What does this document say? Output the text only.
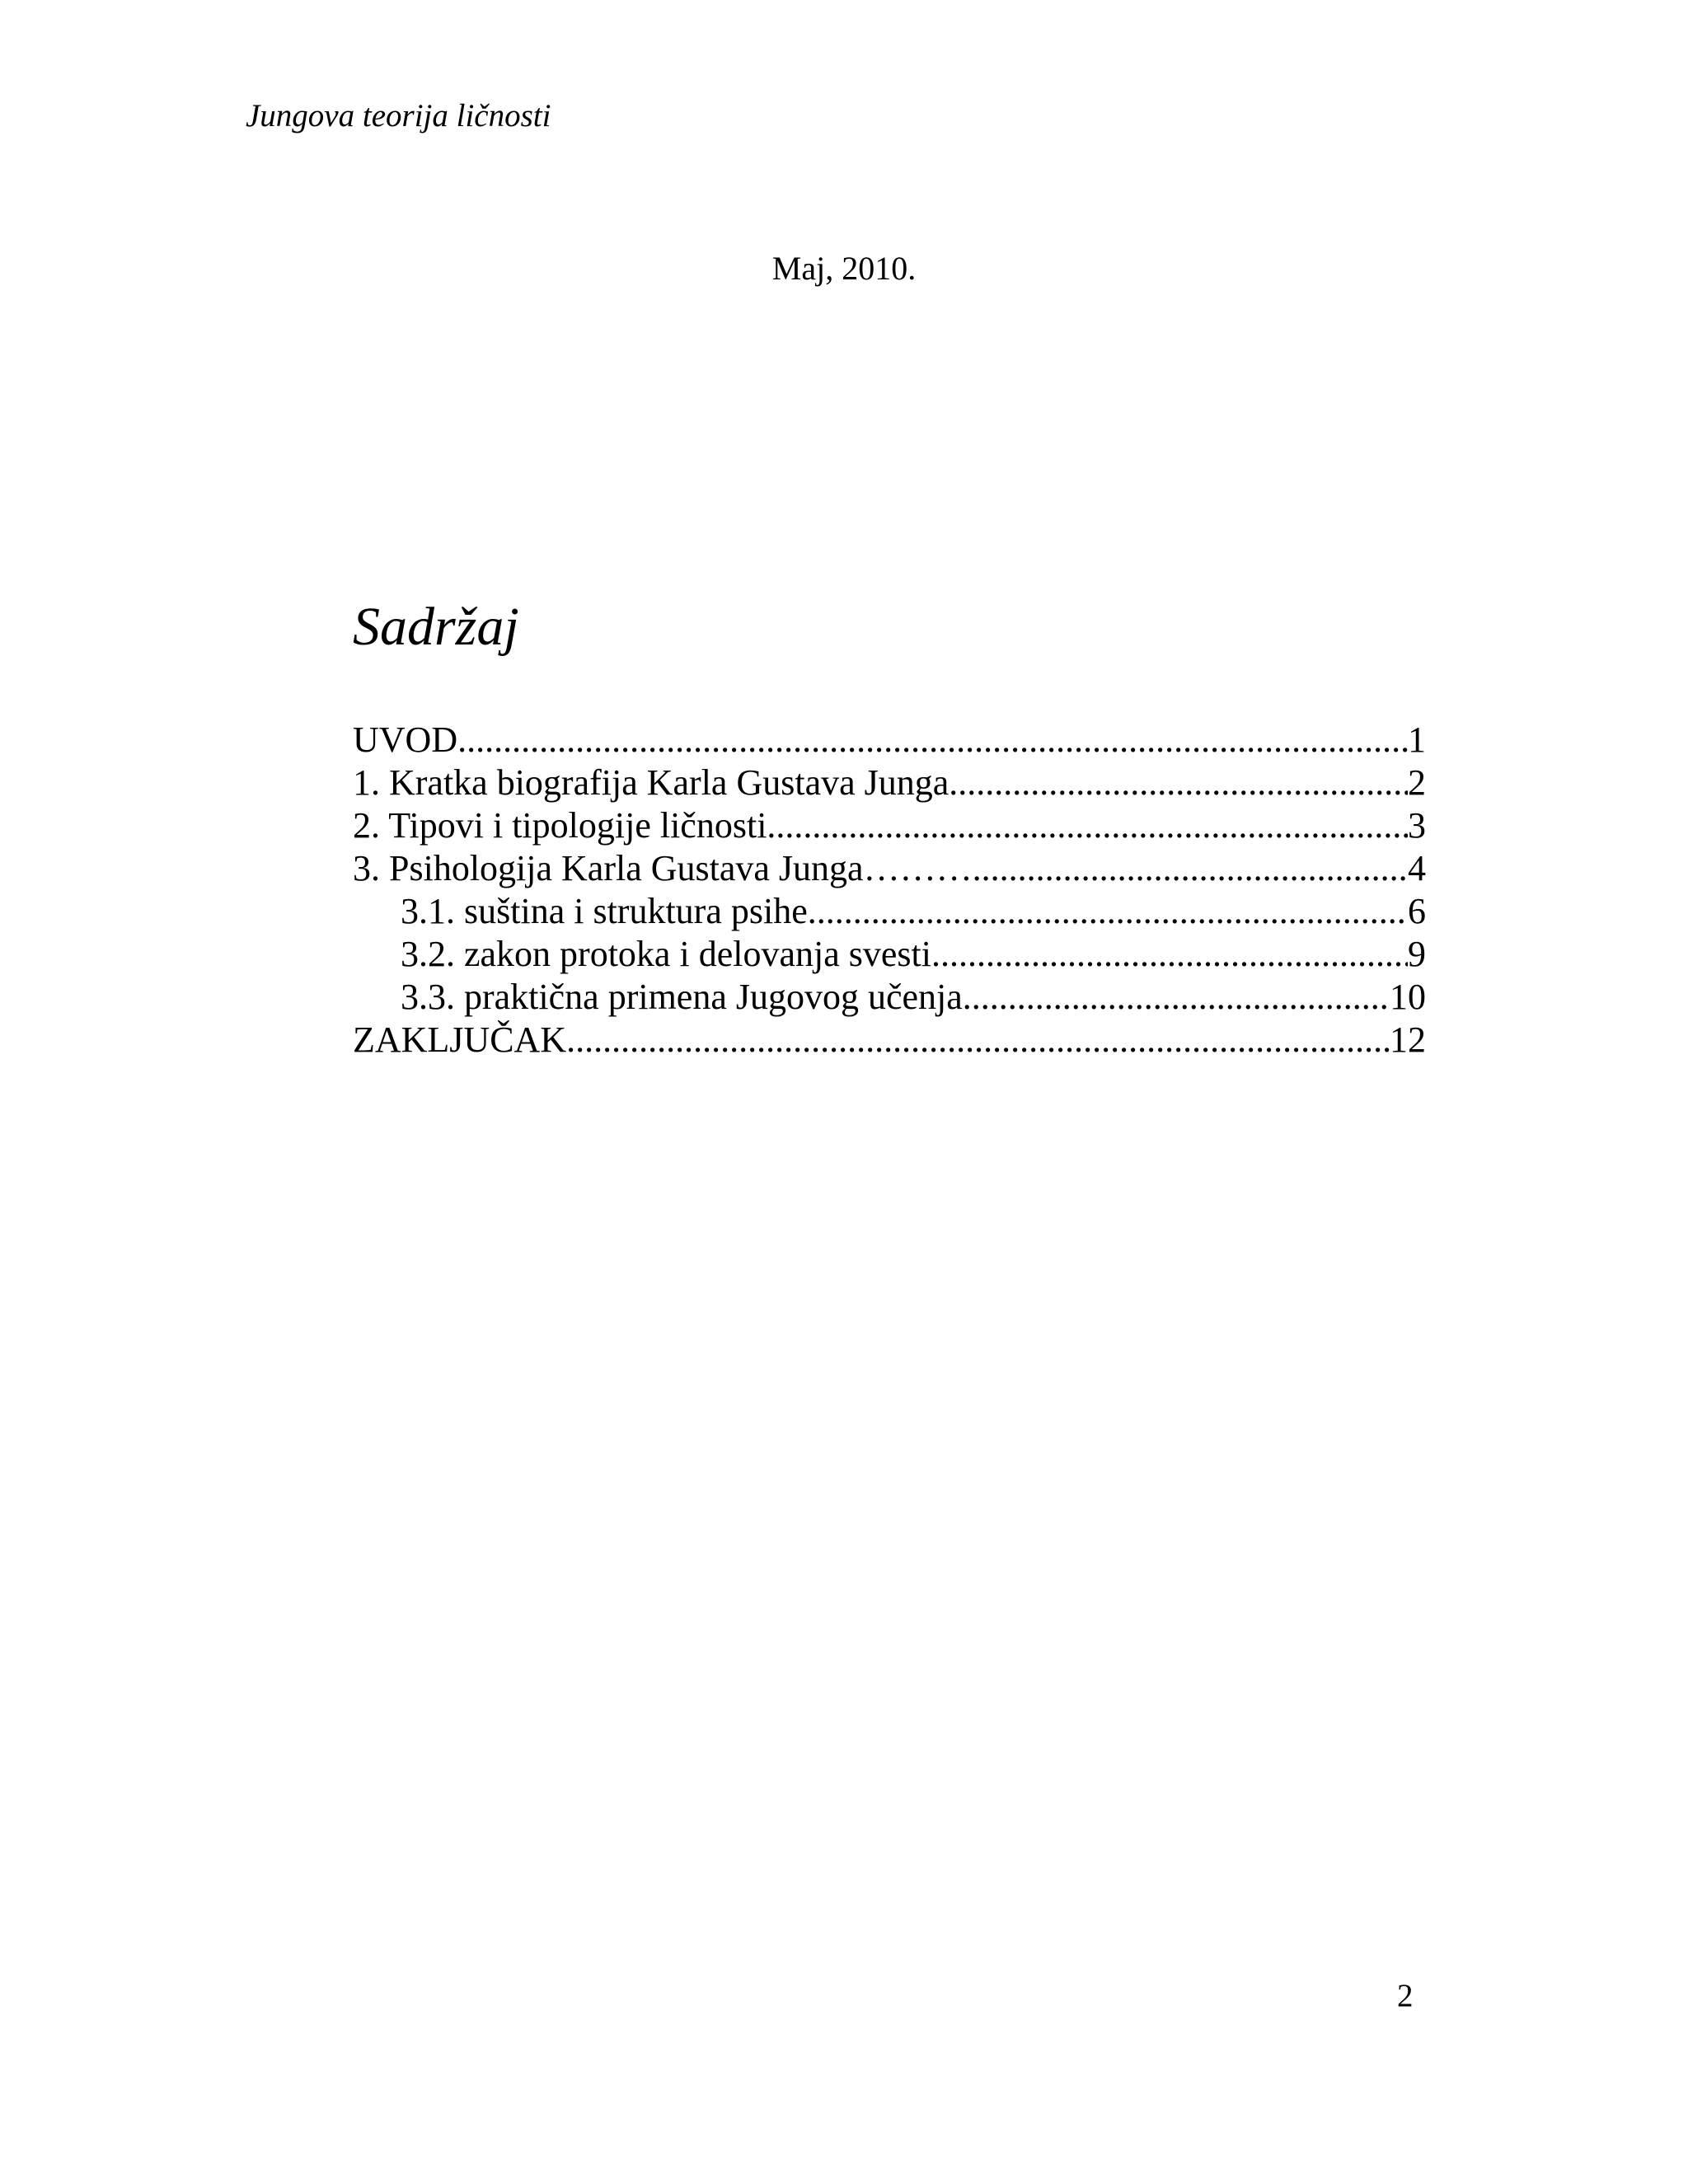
Jungova teorija ličnosti
Maj, 2010.
Sadržaj
UVOD .....	1
1. Kratka biografija Karla Gustava Junga .....	2
2. Tipovi i tipologije ličnosti .....	3
3. Psihologija Karla Gustava Junga……… .....	4
3.1. suština i struktura psihe .....	6
3.2. zakon protoka i delovanja svesti .....	9
3.3. praktična primena Jugovog učenja .....	10
ZAKLJUČAK .....	12
2
